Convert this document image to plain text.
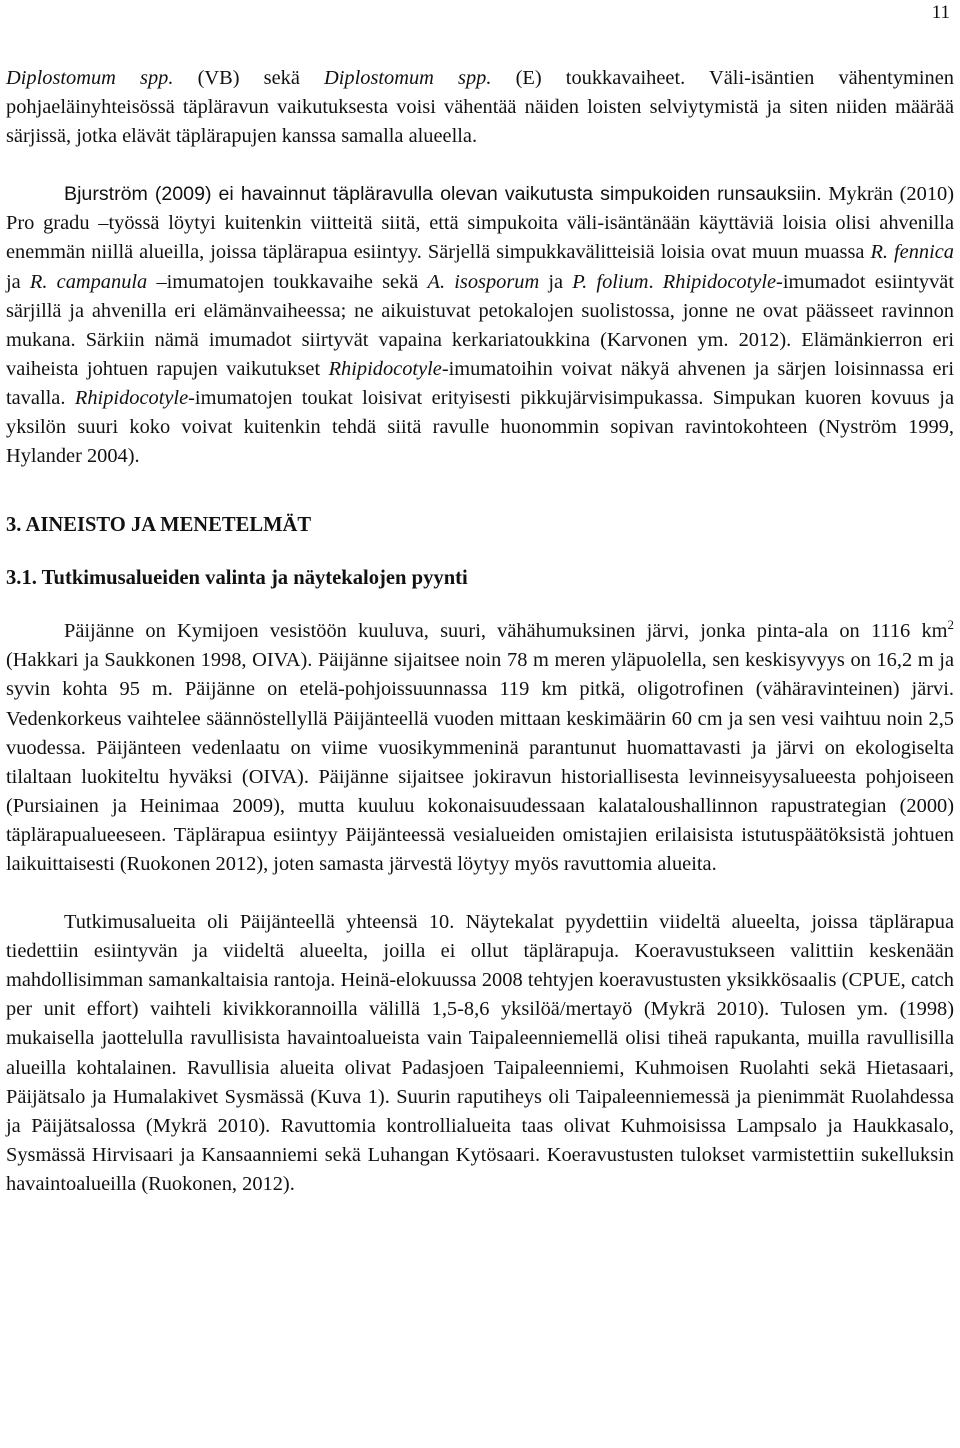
11

Diplostomum spp. (VB) sekä Diplostomum spp. (E) toukkavaiheet. Väli-isäntien vähentyminen pohjaeläinyhteisössä täpläravun vaikutuksesta voisi vähentää näiden loisten selviytymistä ja siten niiden määrää särjissä, jotka elävät täplärapujen kanssa samalla alueella.

Bjurström (2009) ei havainnut täpläravulla olevan vaikutusta simpukoiden runsauksiin. Mykrän (2010) Pro gradu –työssä löytyi kuitenkin viitteitä siitä, että simpukoita väli-isäntänään käyttäviä loisia olisi ahvenilla enemmän niillä alueilla, joissa täplärapua esiintyy. Särjellä simpukkavälitteisiä loisia ovat muun muassa R. fennica ja R. campanula –imumatojen toukkavaihe sekä A. isosporum ja P. folium. Rhipidocotyle-imumadot esiintyvät särjillä ja ahvenilla eri elämänvaiheessa; ne aikuistuvat petokalojen suolistossa, jonne ne ovat päässeet ravinnon mukana. Särkiin nämä imumadot siirtyvät vapaina kerkariatoukkina (Karvonen ym. 2012). Elämänkierron eri vaiheista johtuen rapujen vaikutukset Rhipidocotyle-imumatoihin voivat näkyä ahvenen ja särjen loisinnassa eri tavalla. Rhipidocotyle-imumatojen toukat loisivat erityisesti pikkujärvisimpukassa. Simpukan kuoren kovuus ja yksilön suuri koko voivat kuitenkin tehdä siitä ravulle huonommin sopivan ravintokohteen (Nyström 1999, Hylander 2004).

3. AINEISTO JA MENETELMÄT
3.1. Tutkimusalueiden valinta ja näytekalojen pyynti

Päijänne on Kymijoen vesistöön kuuluva, suuri, vähähumuksinen järvi, jonka pinta-ala on 1116 $km^2$ (Hakkari ja Saukkonen 1998, OIVA). Päijänne sijaitsee noin 78 m meren yläpuolella, sen keskisyvyys on 16,2 m ja syvin kohta 95 m. Päijänne on etelä-pohjoissuunnassa 119 km pitkä, oligotrofinen (vähäravinteinen) järvi. Vedenkorkeus vaihtelee säännöstellyllä Päijänteellä vuoden mittaan keskimäärin 60 cm ja sen vesi vaihtuu noin 2,5 vuodessa. Päijänteen vedenlaatu on viime vuosikymmeninä parantunut huomattavasti ja järvi on ekologiselta tilaltaan luokiteltu hyväksi (OIVA). Päijänne sijaitsee jokiravun historiallisesta levinneisyysalueesta pohjoiseen (Pursiainen ja Heinimaa 2009), mutta kuuluu kokonaisuudessaan kalataloushallinnon rapustrategian (2000) täplärapualueeseen. Täplärapua esiintyy Päijänteessä vesialueiden omistajien erilaisista istutuspäätöksistä johtuen laikuittaisesti (Ruokonen 2012), joten samasta järvestä löytyy myös ravuttomia alueita.

Tutkimusalueita oli Päijänteellä yhteensä 10. Näytekalat pyydettiin viideltä alueelta, joissa täplärapua tiedettiin esiintyvän ja viideltä alueelta, joilla ei ollut täplärapuja. Koeravustukseen valittiin keskenään mahdollisimman samankaltaisia rantoja. Heinä-elokuussa 2008 tehtyjen koeravustusten yksikkösaalis (CPUE, catch per unit effort) vaihteli kivikkorannoilla välillä 1,5-8,6 yksilöä/mertayö (Mykrä 2010). Tulosen ym. (1998) mukaisella jaottelulla ravullisista havaintoalueista vain Taipaleenniemellä olisi tiheä rapukanta, muilla ravullisilla alueilla kohtalainen. Ravullisia alueita olivat Padasjoen Taipaleenniemi, Kuhmoisen Ruolahti sekä Hietasaari, Päijätsalo ja Humalakivet Sysmässä (Kuva 1). Suurin raputiheys oli Taipaleenniemessä ja pienimmät Ruolahdessa ja Päijätsalossa (Mykrä 2010). Ravuttomia kontrollialueita taas olivat Kuhmoisissa Lampsalo ja Haukkasalo, Sysmässä Hirvisaari ja Kansaanniemi sekä Luhangan Kytösaari. Koeravustusten tulokset varmistettiin sukelluksin havaintoalueilla (Ruokonen, 2012).
